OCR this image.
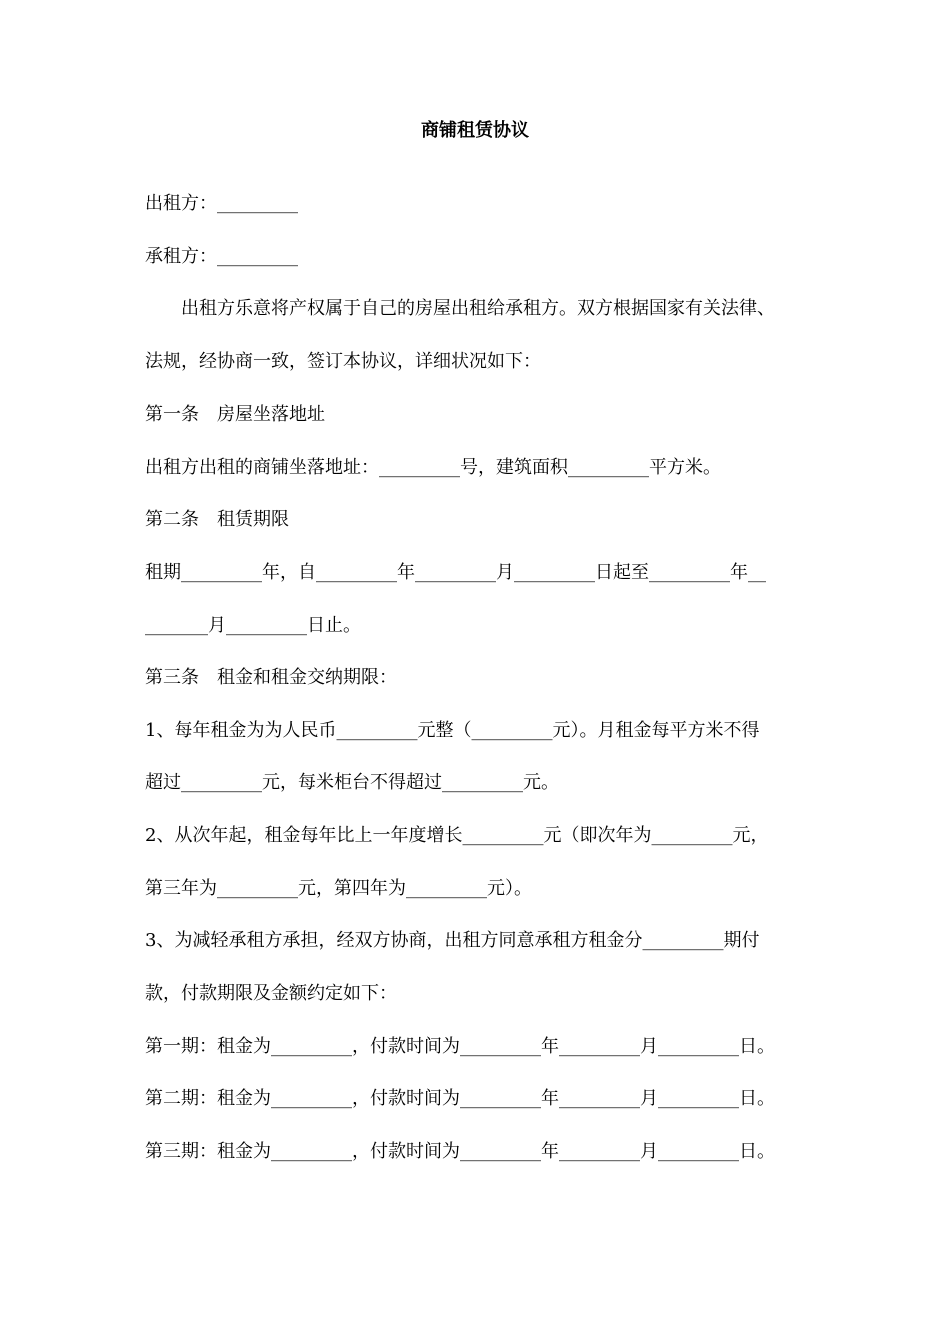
商铺租赁协议
出租方：_________
承租方：_________
出租方乐意将产权属于自己的房屋出租给承租方。双方根据国家有关法律、
法规，经协商一致，签订本协议，详细状况如下：
第一条　房屋坐落地址
出租方出租的商铺坐落地址：_________号，建筑面积_________平方米。
第二条　租赁期限
租期_________年，自_________年_________月_________日起至_________年__
_______月_________日止。
第三条　租金和租金交纳期限：
1、每年租金为为人民币_________元整（_________元）。月租金每平方米不得
超过_________元，每米柜台不得超过_________元。
2、从次年起，租金每年比上一年度增长_________元（即次年为_________元，
第三年为_________元，第四年为_________元）。
3、为减轻承租方承担，经双方协商，出租方同意承租方租金分_________期付
款，付款期限及金额约定如下：
第一期：租金为_________，付款时间为_________年_________月_________日。
第二期：租金为_________，付款时间为_________年_________月_________日。
第三期：租金为_________，付款时间为_________年_________月_________日。
